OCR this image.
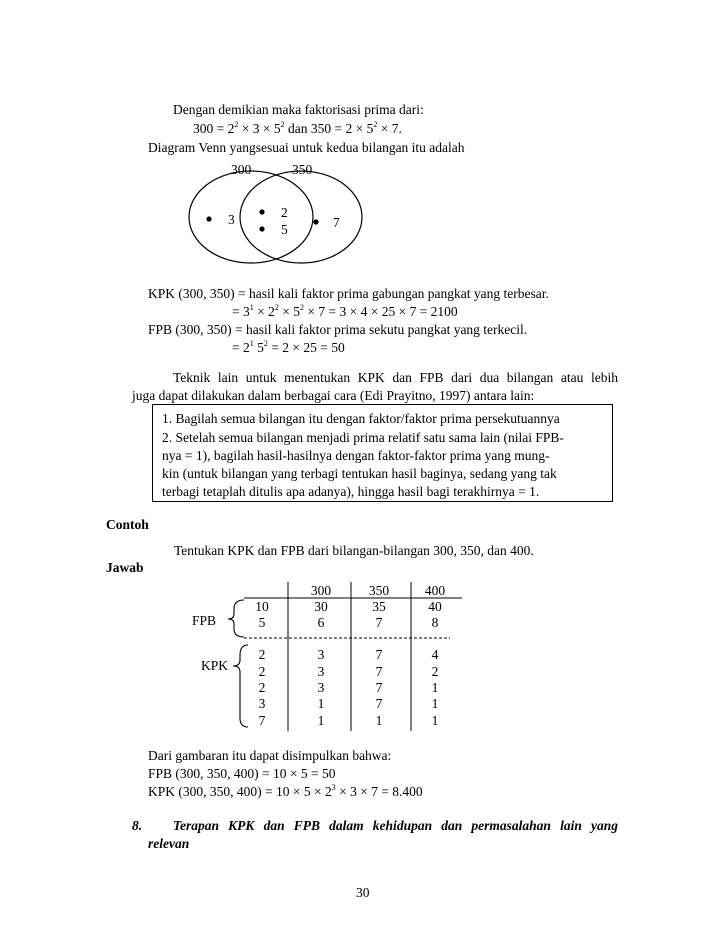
Dengan demikian maka faktorisasi prima dari:
$300 = 2^2 \times 3 \times 5^2$ dan $350 = 2 \times 5^2 \times 7$.
Diagram Venn yangsesuai untuk kedua bilangan itu adalah
300	350
3	2
5	7
KPK (300, 350) = hasil kali faktor prima gabungan pangkat yang terbesar.
= $3^1 \times 2^2 \times 5^2 \times 7 = 3 \times 4 \times 25 \times 7 = 2100$
FPB (300, 350) = hasil kali faktor prima sekutu pangkat yang terkecil.
= $2^1$ $5^2 = 2 \times 25 = 50$
Teknik lain untuk menentukan KPK dan FPB dari dua bilangan atau lebih
juga dapat dilakukan dalam berbagai cara (Edi Prayitno, 1997) antara lain:
1. Bagilah semua bilangan itu dengan faktor/faktor prima persekutuannya
2. Setelah semua bilangan menjadi prima relatif satu sama lain (nilai FPB-
nya = 1), bagilah hasil-hasilnya dengan faktor-faktor prima yang mung-
kin (untuk bilangan yang terbagi tentukan hasil baginya, sedang yang tak
terbagi tetaplah ditulis apa adanya), hingga hasil bagi terakhirnya = 1.
Contoh
Tentukan KPK dan FPB dari bilangan-bilangan 300, 350, dan 400.
Jawab
300	350	400
FPB
10	30	35	40
5	6	7	8
KPK
2	3	7	4
2	3	7	2
2	3	7	1
3	1	7	1
7	1	1	1
Dari gambaran itu dapat disimpulkan bahwa:
FPB (300, 350, 400) = 10 × 5 = 50
KPK (300, 350, $400) = 10 \times 5 \times 2^3 \times 3 \times 7 = 8.400$
8. Terapan KPK dan FPB dalam kehidupan dan permasalahan lain yang
relevan
30
